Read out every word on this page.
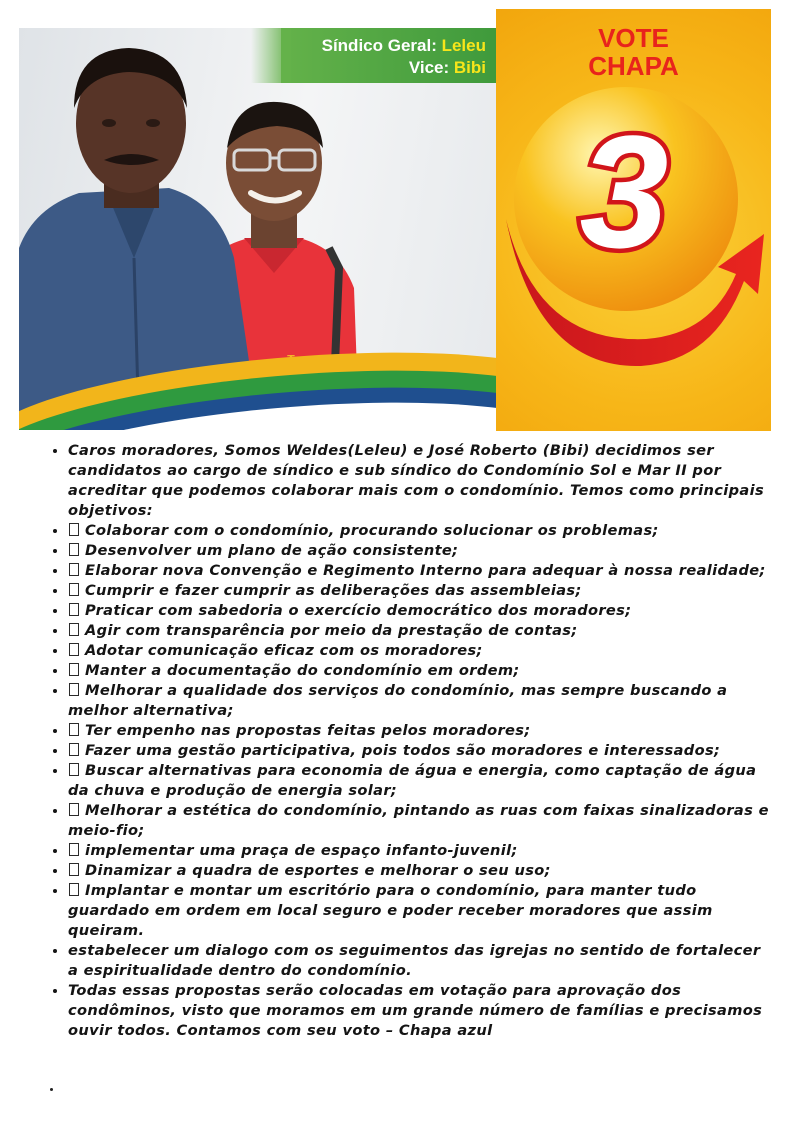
Síndico Geral: Leleu
Vice: Bibi
VOTE
CHAPA
3
• Caros moradores, Somos Weldes(Leleu) e José Roberto (Bibi) decidimos ser candidatos ao cargo de síndico e sub síndico do Condomínio Sol e Mar II por acreditar que podemos colaborar mais com o condomínio. Temos como principais objetivos:
• Colaborar com o condomínio, procurando solucionar os problemas;
• Desenvolver um plano de ação consistente;
• Elaborar nova Convenção e Regimento Interno para adequar à nossa realidade;
• Cumprir e fazer cumprir as deliberações das assembleias;
• Praticar com sabedoria o exercício democrático dos moradores;
• Agir com transparência por meio da prestação de contas;
• Adotar comunicação eficaz com os moradores;
• Manter a documentação do condomínio em ordem;
• Melhorar a qualidade dos serviços do condomínio, mas sempre buscando a melhor alternativa;
• Ter empenho nas propostas feitas pelos moradores;
• Fazer uma gestão participativa, pois todos são moradores e interessados;
• Buscar alternativas para economia de água e energia, como captação de água da chuva e produção de energia solar;
• Melhorar a estética do condomínio, pintando as ruas com faixas sinalizadoras e meio-fio;
• implementar uma praça de espaço infanto-juvenil;
• Dinamizar a quadra de esportes e melhorar o seu uso;
• Implantar e montar um escritório para o condomínio, para manter tudo guardado em ordem em local seguro e poder receber moradores que assim queiram.
• estabelecer um dialogo com os seguimentos das igrejas no sentido de fortalecer a espiritualidade dentro do condomínio.
• Todas essas propostas serão colocadas em votação para aprovação dos condôminos, visto que moramos em um grande número de famílias e precisamos ouvir todos. Contamos com seu voto – Chapa azul
